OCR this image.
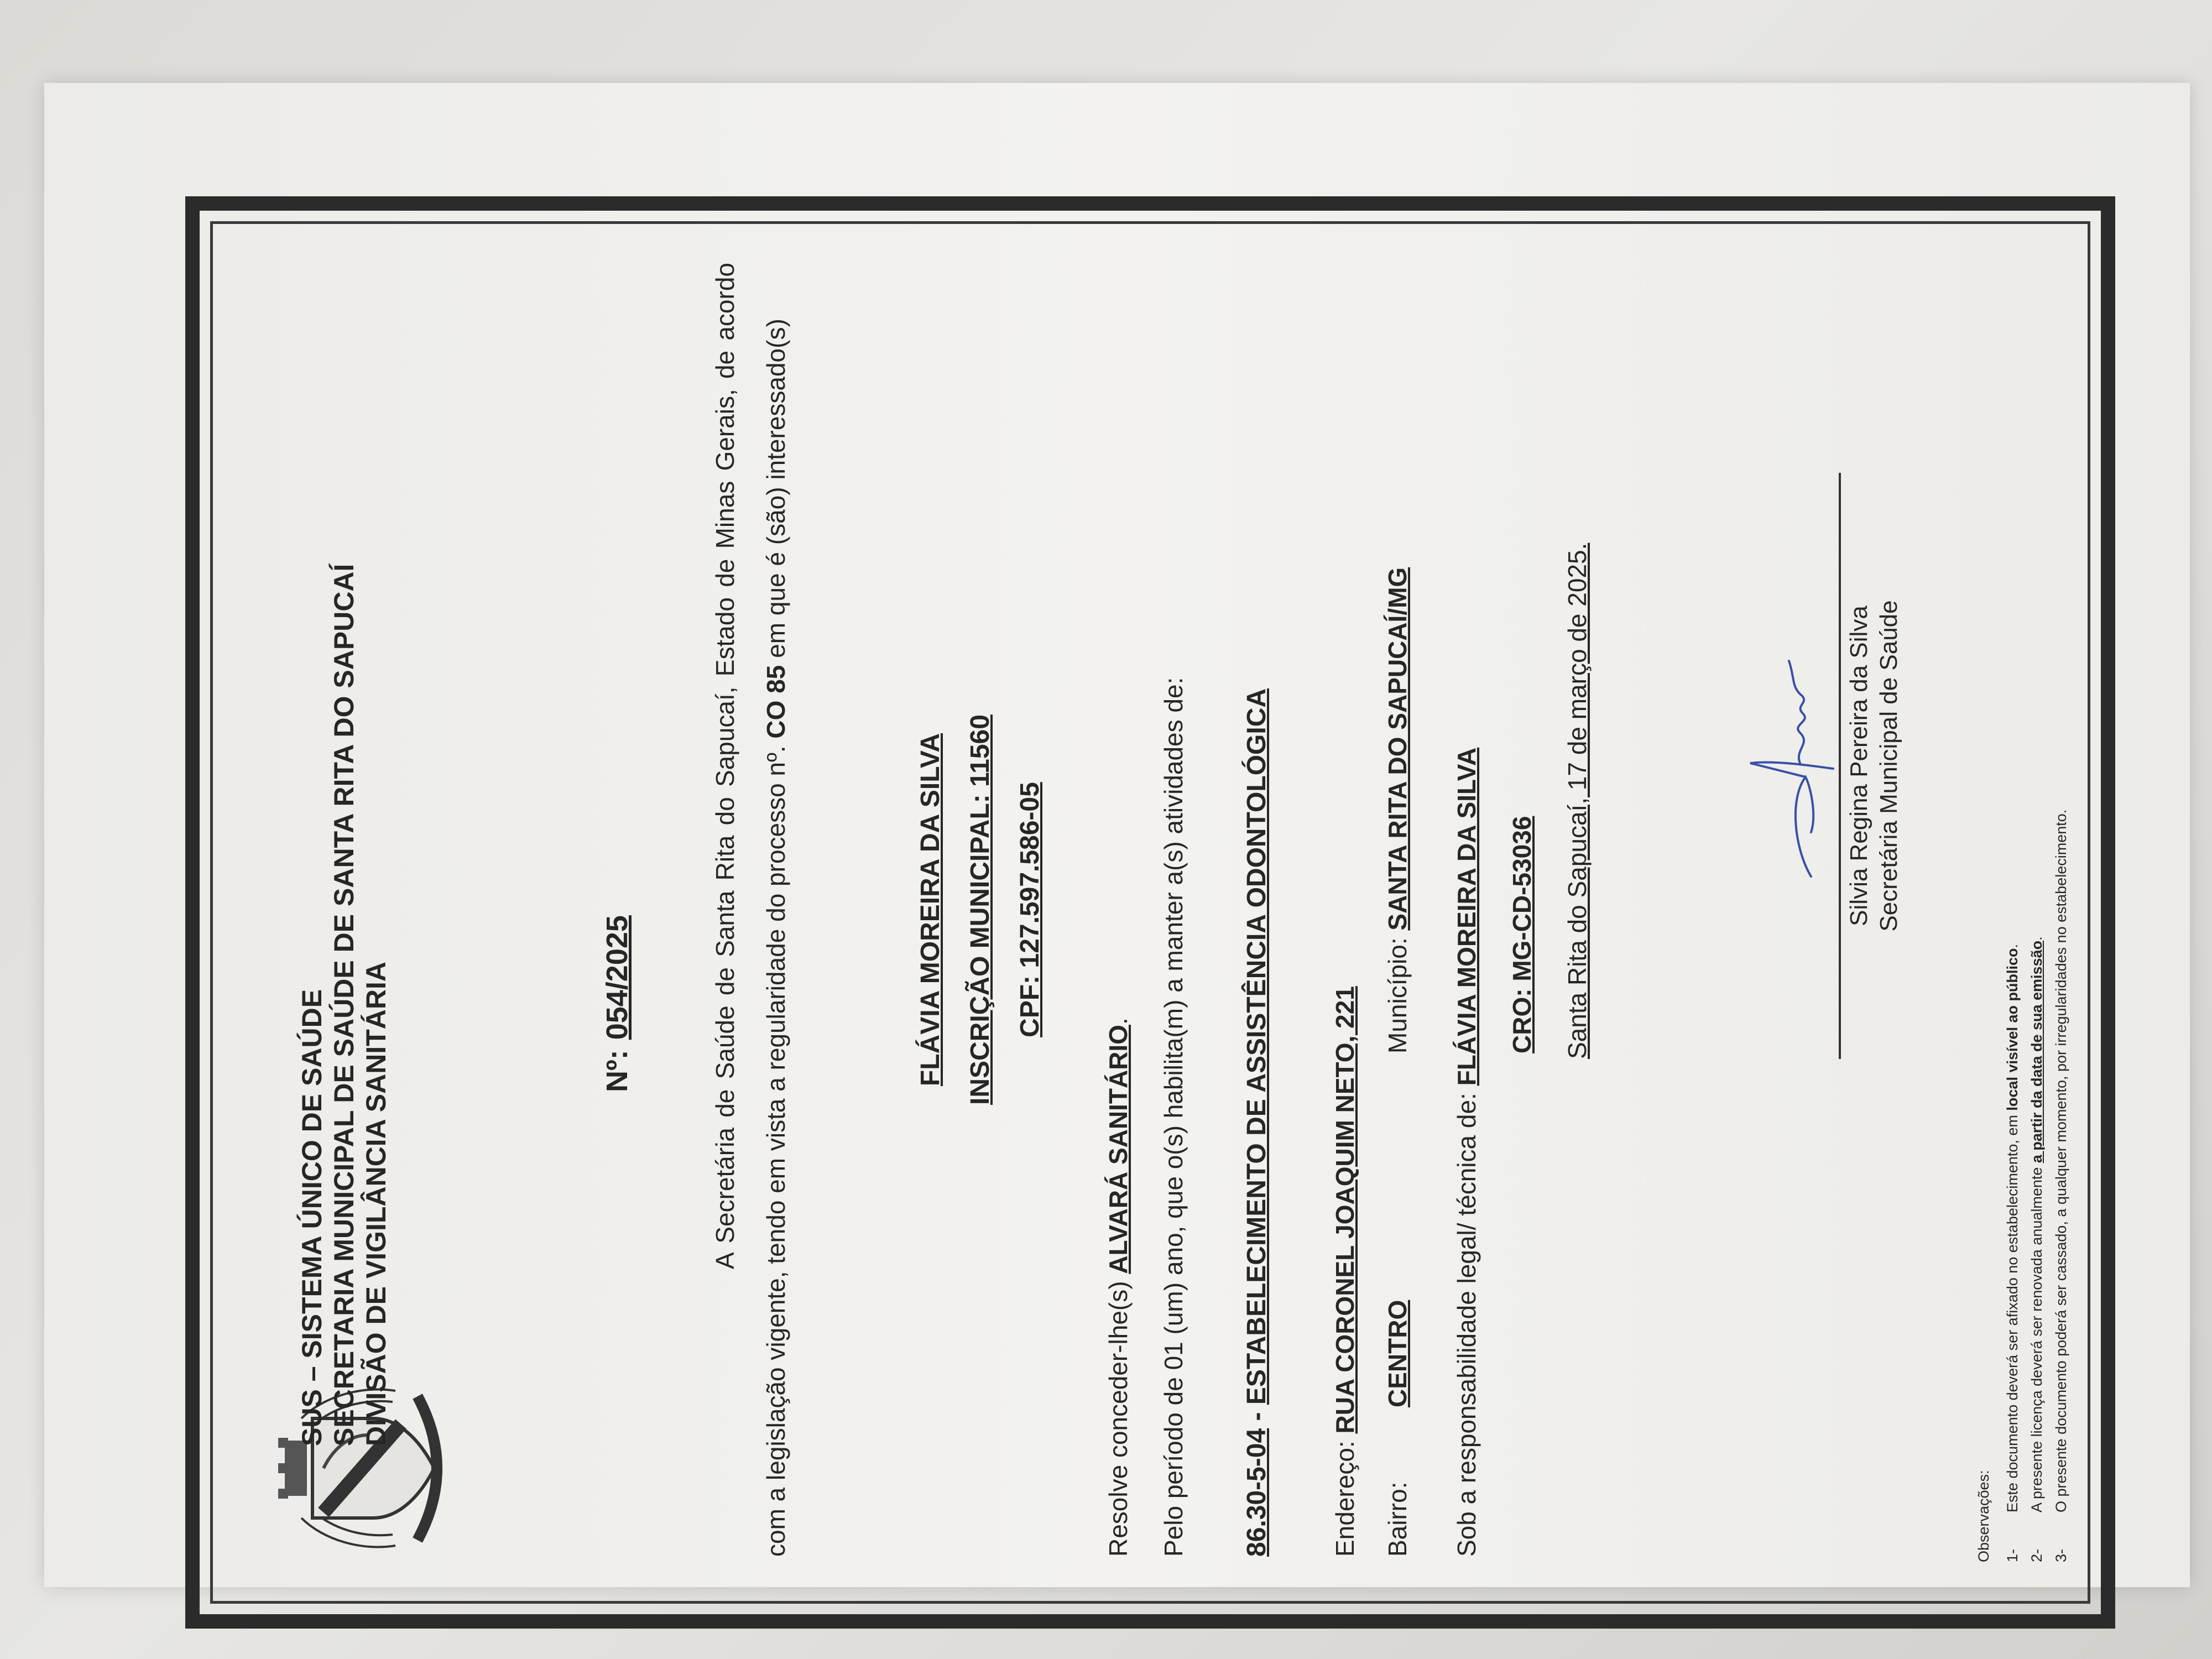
SUS – SISTEMA ÚNICO DE SAÚDE SECRETARIA MUNICIPAL DE SAÚDE DE SANTA RITA DO SAPUCAÍ DIVISÃO DE VIGILÂNCIA SANITÁRIA	Nº:054/2025	A Secretária de Saúde de Santa Rita do Sapucaí, Estado de Minas Gerais, de acordo com a legislação vigente, tendo em vista a regularidade do processo nº. CO 85 em que é (são) interessado(s)
FLÁVIA MOREIRA DA SILVA INSCRIÇÃO MUNICIPAL: 11560 CPF: 127.597.586-05
Resolve conceder-lhe(s) ALVARÁ SANITÁRIO. Pelo período de 01 (um) ano, que o(s) habilita(m) a manter a(s) atividades de: 86.30-5-04 - ESTABELECIMENTO DE ASSISTÊNCIA ODONTOLÓGICA
Endereço: RUA CORONEL JOAQUIM NETO, 221
Bairro:
CENTRO
Município: SANTA RITA DO SAPUCAÍ/MG
Sob a responsabilidade legal/ técnica de: FLÁVIA MOREIRA DA SILVA CRO: MG-CD-53036 Santa Rita do Sapucaí, 17 de março de 2025.	Silvia Regina Pereira da Silva Secretária Municipal de Saúde
Observações: 1-Este documento deverá ser afixado no estabelecimento, em local visível ao público.
2-A presente licença deverá ser renovada anualmente a partir da data de sua emissão.
3-O presente documento poderá ser cassado, a qualquer momento, por irregularidades no estabelecimento.
